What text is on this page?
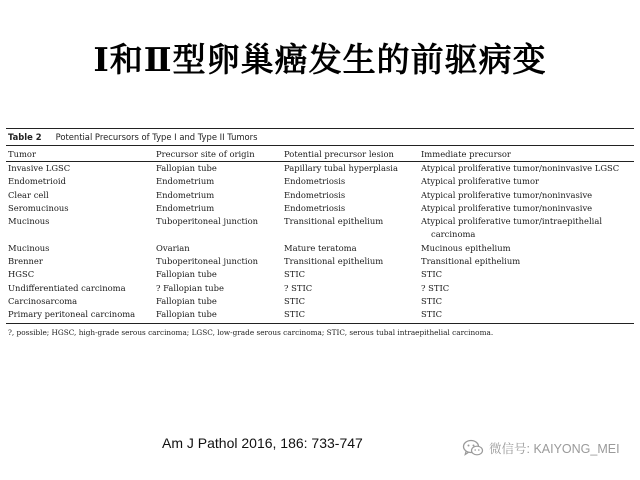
Ⅰ和Ⅱ型卵巢癌发生的前驱病变
Table 2 Potential Precursors of Type I and Type II Tumors
Tumor	Precursor site of origin	Potential precursor lesion	Immediate precursor
Invasive LGSC	Fallopian tube	Papillary tubal hyperplasia	Atypical proliferative tumor/noninvasive LGSC
Endometrioid	Endometrium	Endometriosis	Atypical proliferative tumor
Clear cell	Endometrium	Endometriosis	Atypical proliferative tumor/noninvasive
Seromucinous	Endometrium	Endometriosis	Atypical proliferative tumor/noninvasive
Mucinous	Tuboperitoneal junction	Transitional epithelium	Atypical proliferative tumor/intraepithelial
carcinoma

Mucinous	Ovarian	Mature teratoma	Mucinous epithelium
Brenner	Tuboperitoneal junction	Transitional epithelium	Transitional epithelium
HGSC	Fallopian tube	STIC	STIC
Undifferentiated carcinoma	? Fallopian tube	? STIC	? STIC
Carcinosarcoma	Fallopian tube	STIC	STIC
Primary peritoneal carcinoma	Fallopian tube	STIC	STIC
?, possible; HGSC, high-grade serous carcinoma; LGSC, low-grade serous carcinoma; STIC, serous tubal intraepithelial carcinoma.
Am J Pathol 2016, 186: 733-747	微信号: KAIYONG_MEI
